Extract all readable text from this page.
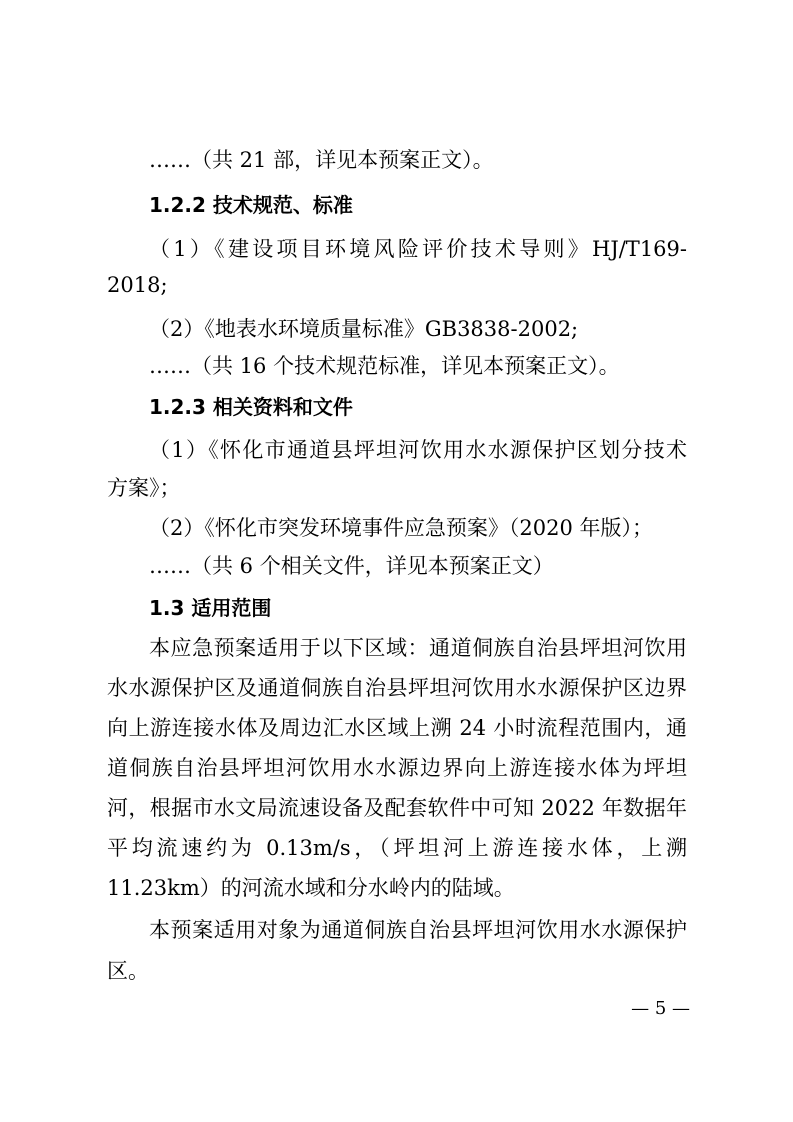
……（共 21 部，详见本预案正文）。
1.2.2 技术规范、标准
（1）《建设项目环境风险评价技术导则》HJ/T169-
2018;
（2）《地表水环境质量标准》GB3838-2002;
……（共 16 个技术规范标准，详见本预案正文）。
1.2.3 相关资料和文件
（1）《怀化市通道县坪坦河饮用水水源保护区划分技术
方案》；
（2）《怀化市突发环境事件应急预案》（2020 年版）；
……（共 6 个相关文件，详见本预案正文）
1.3 适用范围
本应急预案适用于以下区域：通道侗族自治县坪坦河饮用
水水源保护区及通道侗族自治县坪坦河饮用水水源保护区边界
向上游连接水体及周边汇水区域上溯 24 小时流程范围内，通
道侗族自治县坪坦河饮用水水源边界向上游连接水体为坪坦
河，根据市水文局流速设备及配套软件中可知 2022 年数据年
平均流速约为 0.13m/s，（坪坦河上游连接水体，上溯
11.23km）的河流水域和分水岭内的陆域。
本预案适用对象为通道侗族自治县坪坦河饮用水水源保护
区。
— 5 —
